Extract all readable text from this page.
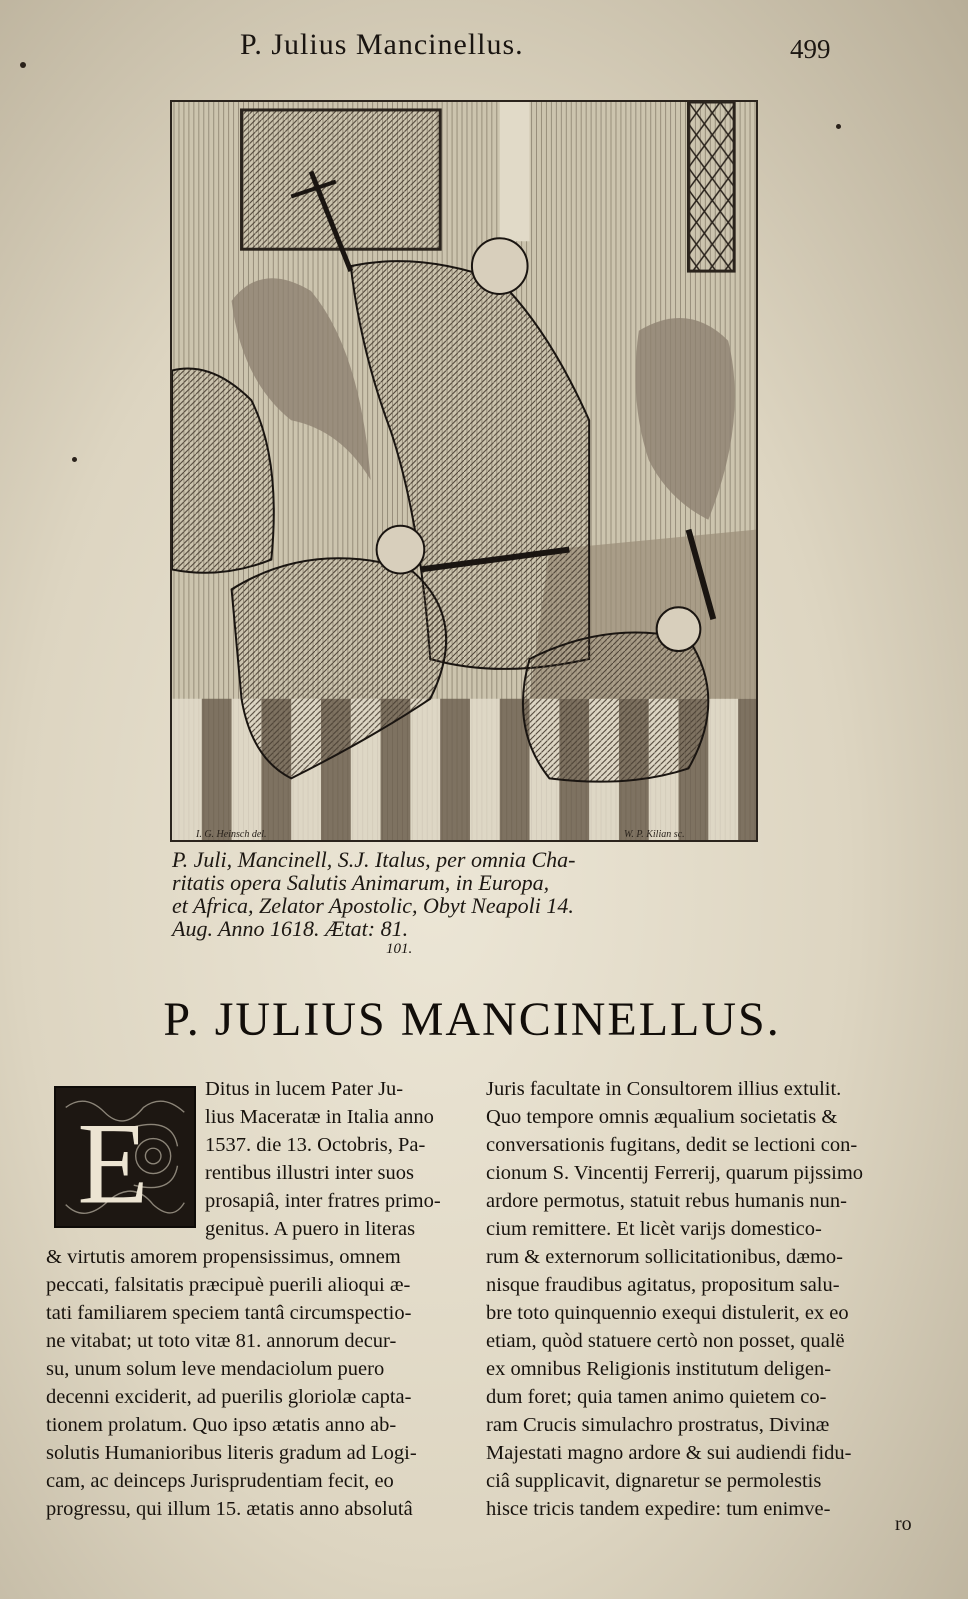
P. Julius Mancinellus.	499
I. G. Heinsch del.	W. P. Kilian sc.
P. Juli, Mancinell, S.J. Italus, per omnia Cha-
ritatis opera Salutis Animarum, in Europa,
et Africa, Zelator Apostolic, Obyt Neapoli 14.
Aug. Anno 1618. Ætat: 81.
101.
P. JULIUS MANCINELLUS.
E
Ditus in lucem Pater Ju-
lius Maceratæ in Italia anno
1537. die 13. Octobris, Pa-
rentibus illustri inter suos
prosapiâ, inter fratres primo-
genitus. A puero in literas
& virtutis amorem propensissimus, omnem
peccati, falsitatis præcipuè puerili alioqui æ-
tati familiarem speciem tantâ circumspectio-
ne vitabat; ut toto vitæ 81. annorum decur-
su, unum solum leve mendaciolum puero
decenni exciderit, ad puerilis gloriolæ capta-
tionem prolatum. Quo ipso ætatis anno ab-
solutis Humanioribus literis gradum ad Logi-
cam, ac deinceps Jurisprudentiam fecit, eo
progressu, qui illum 15. ætatis anno absolutâ
Juris facultate in Consultorem illius extulit.
Quo tempore omnis æqualium societatis &
conversationis fugitans, dedit se lectioni con-
cionum S. Vincentij Ferrerij, quarum pijssimo
ardore permotus, statuit rebus humanis nun-
cium remittere. Et licèt varijs domestico-
rum & externorum sollicitationibus, dæmo-
nisque fraudibus agitatus, propositum salu-
bre toto quinquennio exequi distulerit, ex eo
etiam, quòd statuere certò non posset, qualë
ex omnibus Religionis institutum deligen-
dum foret; quia tamen animo quietem co-
ram Crucis simulachro prostratus, Divinæ
Majestati magno ardore & sui audiendi fidu-
ciâ supplicavit, dignaretur se permolestis
hisce tricis tandem expedire: tum enimve-
ro
